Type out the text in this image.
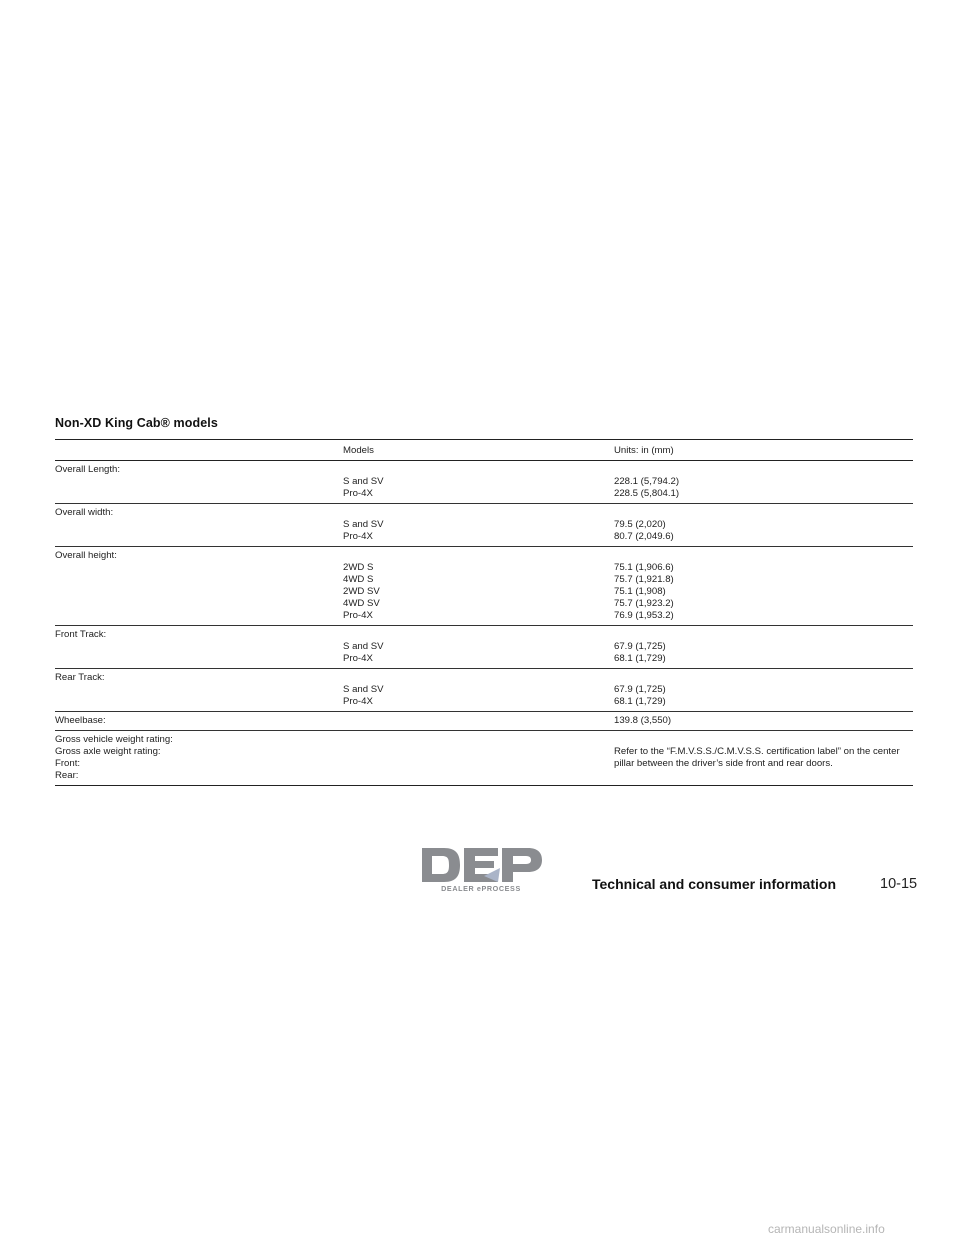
Non-XD King Cab® models
Models	Units: in (mm)
Overall Length:
S and SV	228.1 (5,794.2)
Pro-4X	228.5 (5,804.1)
Overall width:
S and SV	79.5 (2,020)
Pro-4X	80.7 (2,049.6)
Overall height:
2WD S	75.1 (1,906.6)
4WD S	75.7 (1,921.8)
2WD SV	75.1 (1,908)
4WD SV	75.7 (1,923.2)
Pro-4X	76.9 (1,953.2)
Front Track:
S and SV	67.9 (1,725)
Pro-4X	68.1 (1,729)
Rear Track:
S and SV	67.9 (1,725)
Pro-4X	68.1 (1,729)
Wheelbase:	139.8 (3,550)
Gross vehicle weight rating:
Gross axle weight rating:
Front:
Rear:
Refer to the “F.M.V.S.S./C.M.V.S.S. certification label” on the center pillar between the driver’s side front and rear doors.
DEALER ePROCESS	Technical and consumer information	10-15
carmanualsonline.info
